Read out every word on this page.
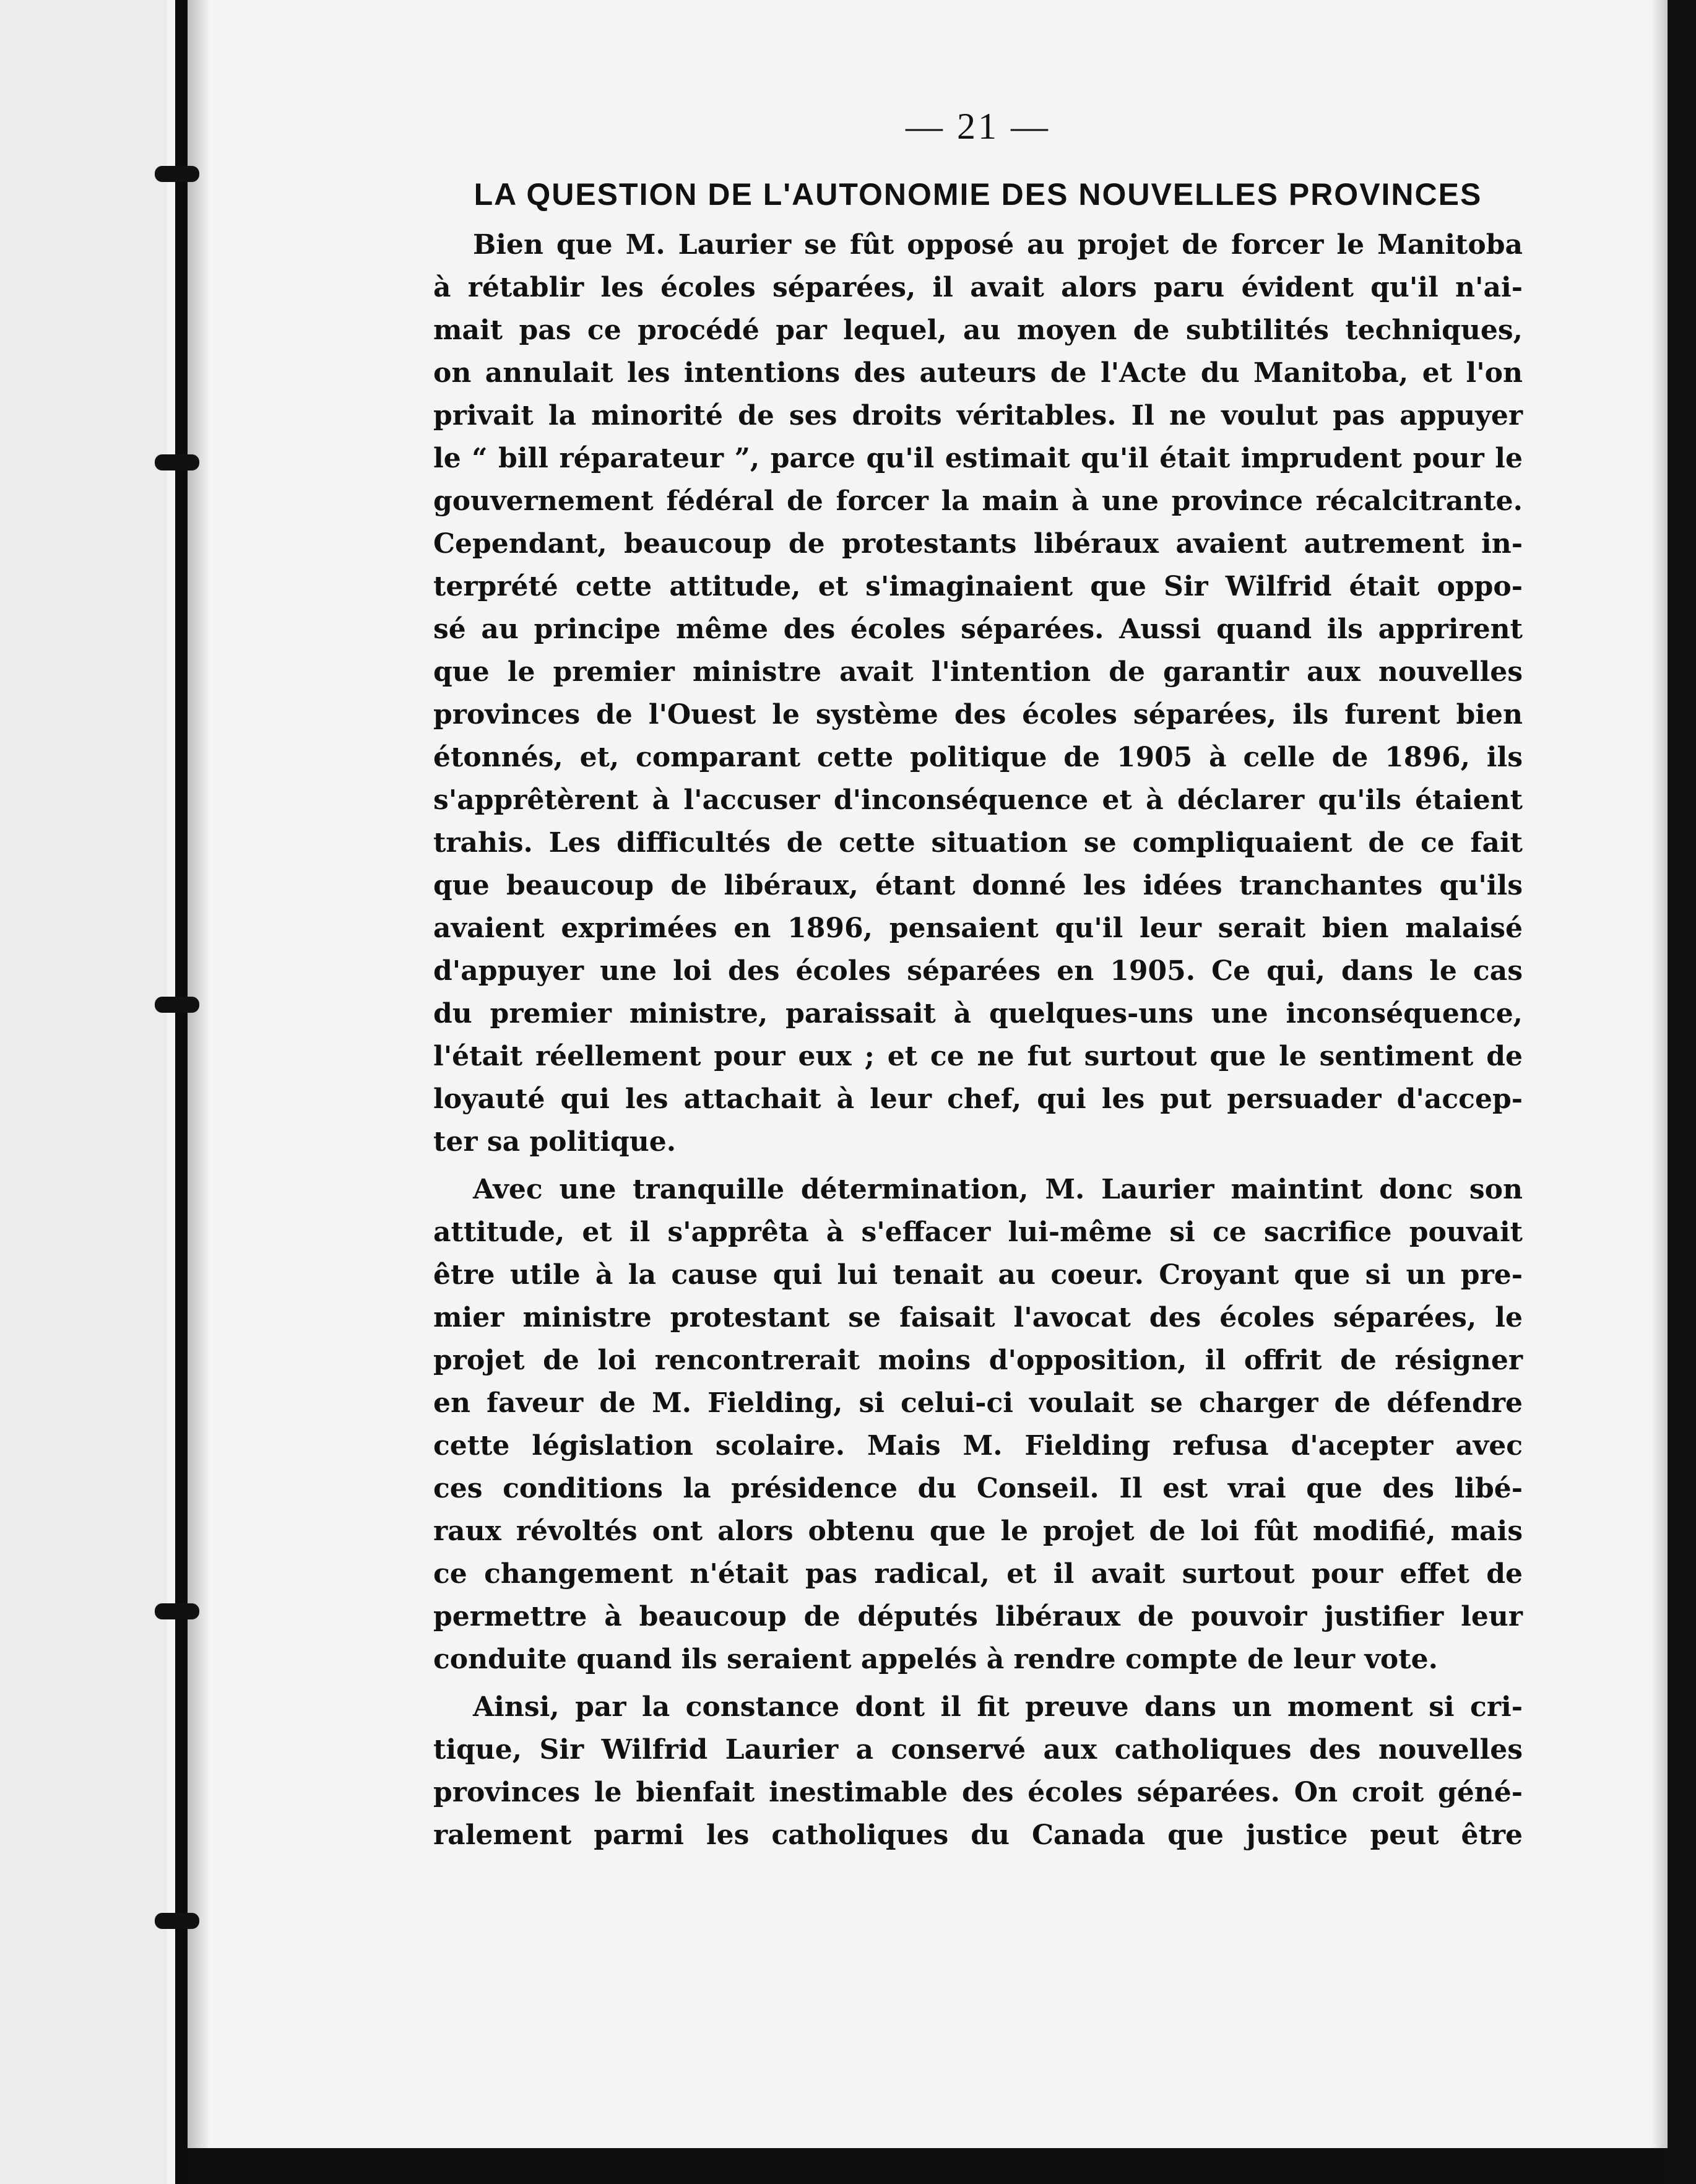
— 21 —
LA QUESTION DE L'AUTONOMIE DES NOUVELLES PROVINCES
Bien que M. Laurier se fût opposé au projet de forcer le Manitoba
à rétablir les écoles séparées, il avait alors paru évident qu'il n'ai-
mait pas ce procédé par lequel, au moyen de subtilités techniques,
on annulait les intentions des auteurs de l'Acte du Manitoba, et l'on
privait la minorité de ses droits véritables. Il ne voulut pas appuyer
le “ bill réparateur ”, parce qu'il estimait qu'il était imprudent pour le
gouvernement fédéral de forcer la main à une province récalcitrante.
Cependant, beaucoup de protestants libéraux avaient autrement in-
terprété cette attitude, et s'imaginaient que Sir Wilfrid était oppo-
sé au principe même des écoles séparées. Aussi quand ils apprirent
que le premier ministre avait l'intention de garantir aux nouvelles
provinces de l'Ouest le système des écoles séparées, ils furent bien
étonnés, et, comparant cette politique de 1905 à celle de 1896, ils
s'apprêtèrent à l'accuser d'inconséquence et à déclarer qu'ils étaient
trahis. Les difficultés de cette situation se compliquaient de ce fait
que beaucoup de libéraux, étant donné les idées tranchantes qu'ils
avaient exprimées en 1896, pensaient qu'il leur serait bien malaisé
d'appuyer une loi des écoles séparées en 1905. Ce qui, dans le cas
du premier ministre, paraissait à quelques-uns une inconséquence,
l'était réellement pour eux ; et ce ne fut surtout que le sentiment de
loyauté qui les attachait à leur chef, qui les put persuader d'accep-
ter sa politique.
Avec une tranquille détermination, M. Laurier maintint donc son
attitude, et il s'apprêta à s'effacer lui-même si ce sacrifice pouvait
être utile à la cause qui lui tenait au coeur. Croyant que si un pre-
mier ministre protestant se faisait l'avocat des écoles séparées, le
projet de loi rencontrerait moins d'opposition, il offrit de résigner
en faveur de M. Fielding, si celui-ci voulait se charger de défendre
cette législation scolaire. Mais M. Fielding refusa d'acepter avec
ces conditions la présidence du Conseil. Il est vrai que des libé-
raux révoltés ont alors obtenu que le projet de loi fût modifié, mais
ce changement n'était pas radical, et il avait surtout pour effet de
permettre à beaucoup de députés libéraux de pouvoir justifier leur
conduite quand ils seraient appelés à rendre compte de leur vote.
Ainsi, par la constance dont il fit preuve dans un moment si cri-
tique, Sir Wilfrid Laurier a conservé aux catholiques des nouvelles
provinces le bienfait inestimable des écoles séparées. On croit géné-
ralement parmi les catholiques du Canada que justice peut être
